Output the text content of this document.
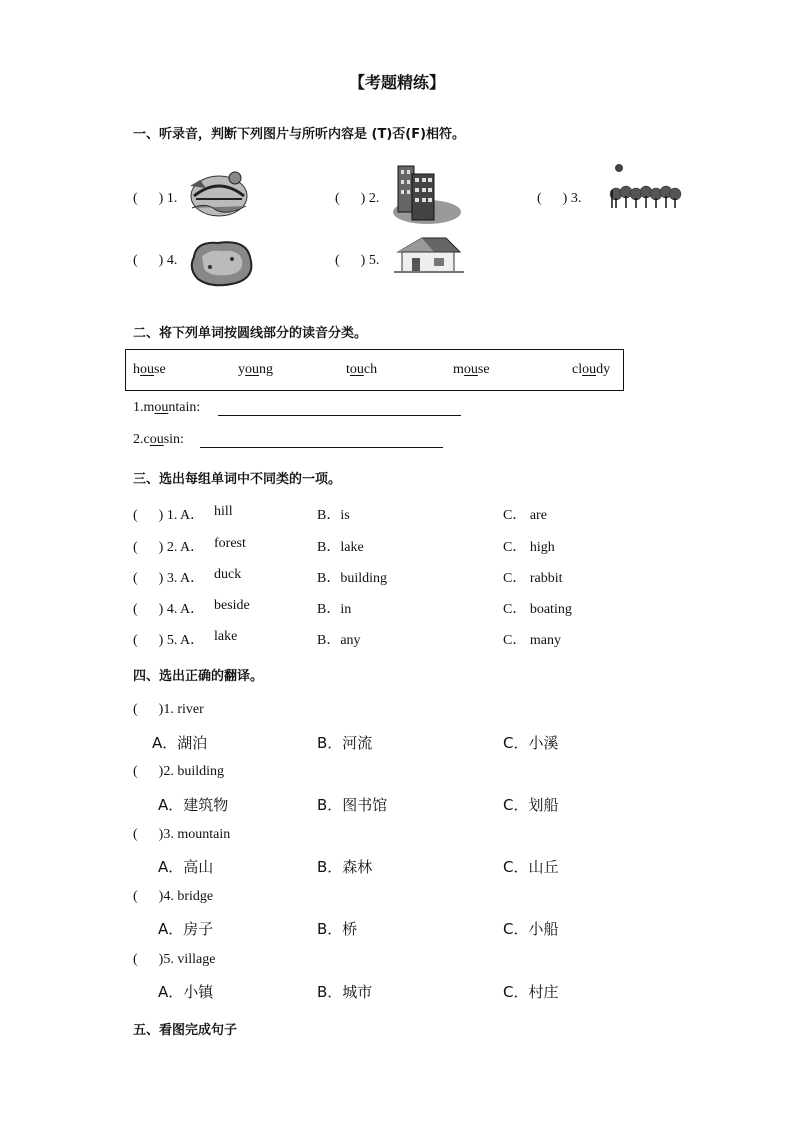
【考题精练】
一、听录音，判断下列图片与所听内容是 (T)否(F)相符。
(      ) 1.	(      ) 2.	(      ) 3.
(      ) 4.	(      ) 5.
二、将下列单词按圆线部分的读音分类。
house	young	touch	mouse	cloudy
1.mountain:
2.cousin:
三、选出每组单词中不同类的一项。
(      ) 1. A． hill	B．is	C． are
(      ) 2. A． forest	B．lake	C． high
(      ) 3. A． duck	B．building	C． rabbit
(      ) 4. A． beside	B．in	C． boating
(      ) 5. A． lake	B．any	C． many
四、选出正确的翻译。
(      )1. river
A．湖泊	B．河流	C．小溪
(      )2. building
A．建筑物	B．图书馆	C．划船
(      )3. mountain
A．高山	B．森林	C．山丘
(      )4. bridge
A．房子	B．桥	C．小船
(      )5. village
A．小镇	B．城市	C．村庄
五、看图完成句子
